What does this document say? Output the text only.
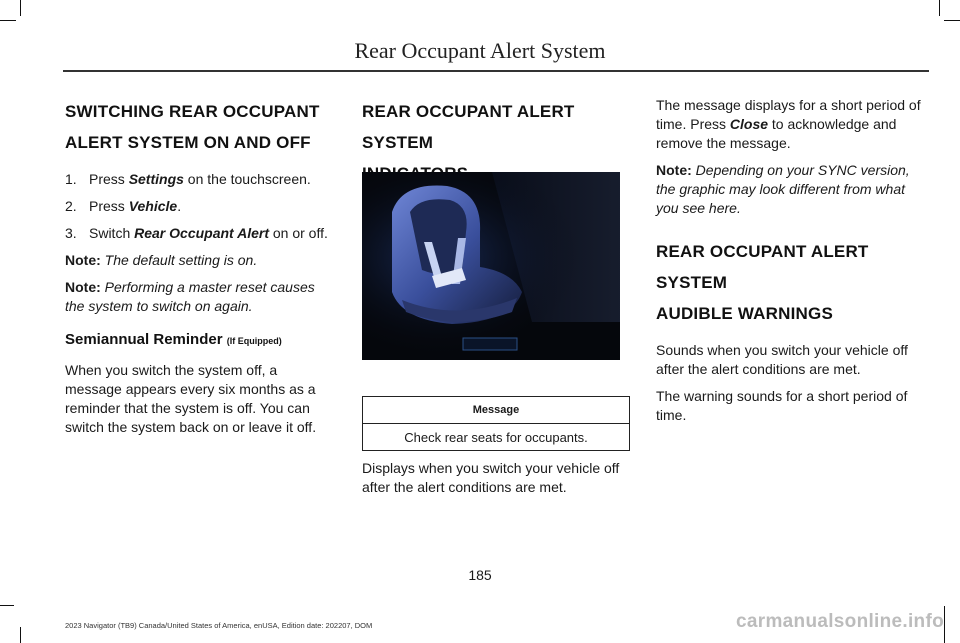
Rear Occupant Alert System
SWITCHING REAR OCCUPANT
ALERT SYSTEM ON AND OFF
1. Press Settings on the touchscreen.
2. Press Vehicle.
3. Switch Rear Occupant Alert on or off.

Note: The default setting is on.

Note: Performing a master reset causes the system to switch on again.

Semiannual Reminder (If Equipped)

When you switch the system off, a message appears every six months as a reminder that the system is off. You can switch the system back on or leave it off.

REAR OCCUPANT ALERT SYSTEM

Message
Check rear seats for occupants.
Displays when you switch your vehicle off after the alert conditions are met.

The message displays for a short period of time. Press Close to acknowledge and remove the message.

Note: Depending on your SYNC version, the graphic may look different from what you see here.

REAR OCCUPANT ALERT SYSTEM
AUDIBLE WARNINGS

Sounds when you switch your vehicle off after the alert conditions are met.

The warning sounds for a short period of time.

185
2023 Navigator (TB9) Canada/United States of America, enUSA, Edition date: 202207, DOM	carmanualsonline.info
